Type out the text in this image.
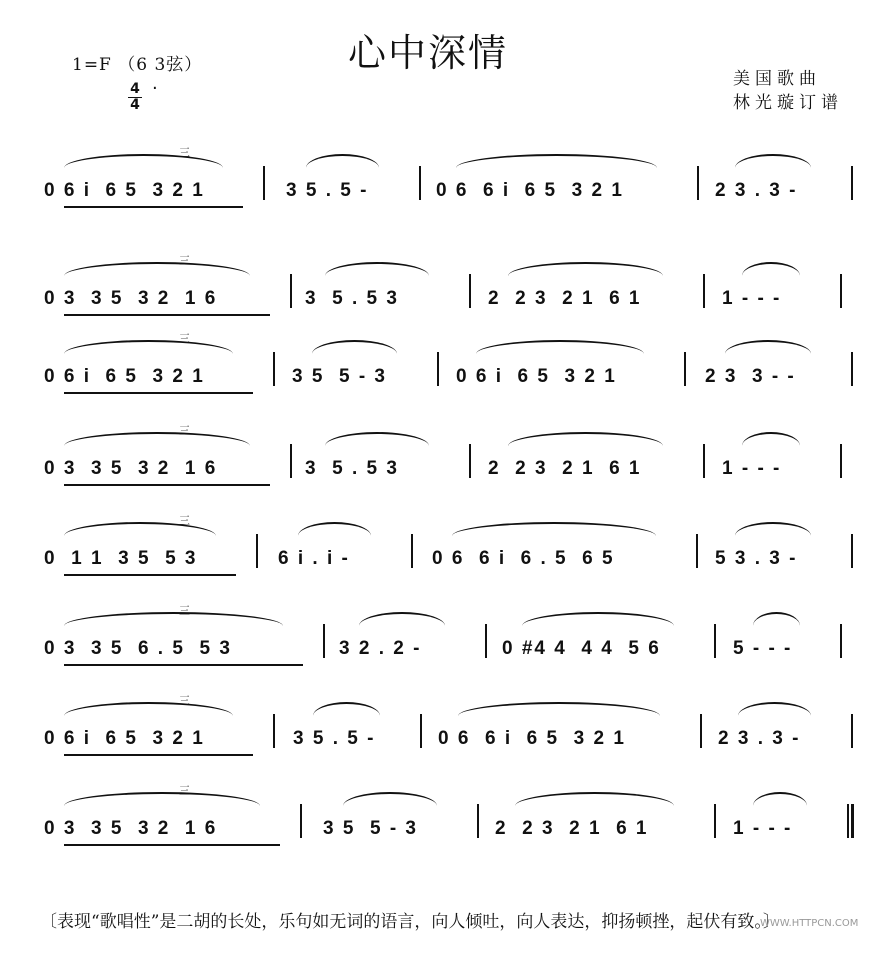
1=F （6 3弦）
4
4
·
心中深情
美国歌曲
林光璇订谱
0 6 i  6 5  3 2 1	3 5 . 5 -	0 6  6 i  6 5  3 2 1	2 3 . 3 -
三
0 3  3 5  3 2  1 6	3  5 . 5 3	2  2 3  2 1  6 1	1 - - -
三
0 6 i  6 5  3 2 1	3 5  5 - 3	0 6 i  6 5  3 2 1	2 3  3 - -
三
0 3  3 5  3 2  1 6	3  5 . 5 3	2  2 3  2 1  6 1	1 - - -
三
0  1 1  3 5  5 3	6 i . i -	0 6  6 i  6 . 5  6 5	5 3 . 3 -
三
0 3  3 5  6 . 5  5 3	3 2 . 2 -	0 #4 4  4 4  5 6	5 - - -
三
0 6 i  6 5  3 2 1	3 5 . 5 -	0 6  6 i  6 5  3 2 1	2 3 . 3 -
三
0 3  3 5  3 2  1 6	3 5  5 - 3	2  2 3  2 1  6 1	1 - - -
三
〔表现“歌唱性”是二胡的长处，乐句如无词的语言，向人倾吐，向人表达，抑扬顿挫，起伏有致。〕
WWW.HTTPCN.COM
